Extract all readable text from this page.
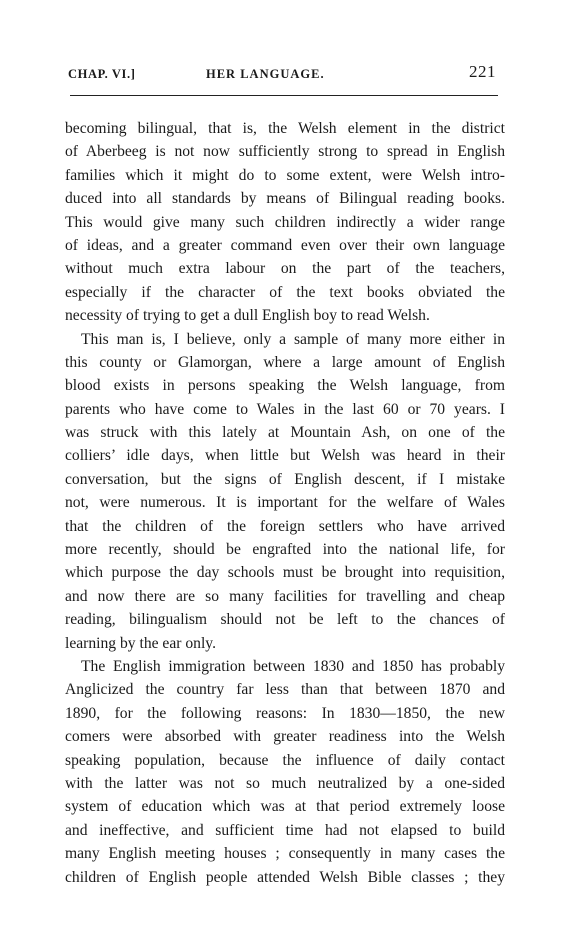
CHAP. VI.]	HER LANGUAGE.	221
becoming bilingual, that is, the Welsh element in the district
of Aberbeeg is not now sufficiently strong to spread in English
families which it might do to some extent, were Welsh intro-
duced into all standards by means of Bilingual reading books.
This would give many such children indirectly a wider range
of ideas, and a greater command even over their own language
without much extra labour on the part of the teachers,
especially if the character of the text books obviated the
necessity of trying to get a dull English boy to read Welsh.
This man is, I believe, only a sample of many more either in
this county or Glamorgan, where a large amount of English
blood exists in persons speaking the Welsh language, from
parents who have come to Wales in the last 60 or 70 years. I
was struck with this lately at Mountain Ash, on one of the
colliers’ idle days, when little but Welsh was heard in their
conversation, but the signs of English descent, if I mistake
not, were numerous. It is important for the welfare of Wales
that the children of the foreign settlers who have arrived
more recently, should be engrafted into the national life, for
which purpose the day schools must be brought into requisition,
and now there are so many facilities for travelling and cheap
reading, bilingualism should not be left to the chances of
learning by the ear only.
The English immigration between 1830 and 1850 has probably
Anglicized the country far less than that between 1870 and
1890, for the following reasons: In 1830—1850, the new
comers were absorbed with greater readiness into the Welsh
speaking population, because the influence of daily contact
with the latter was not so much neutralized by a one-sided
system of education which was at that period extremely loose
and ineffective, and sufficient time had not elapsed to build
many English meeting houses ; consequently in many cases the
children of English people attended Welsh Bible classes ; they
